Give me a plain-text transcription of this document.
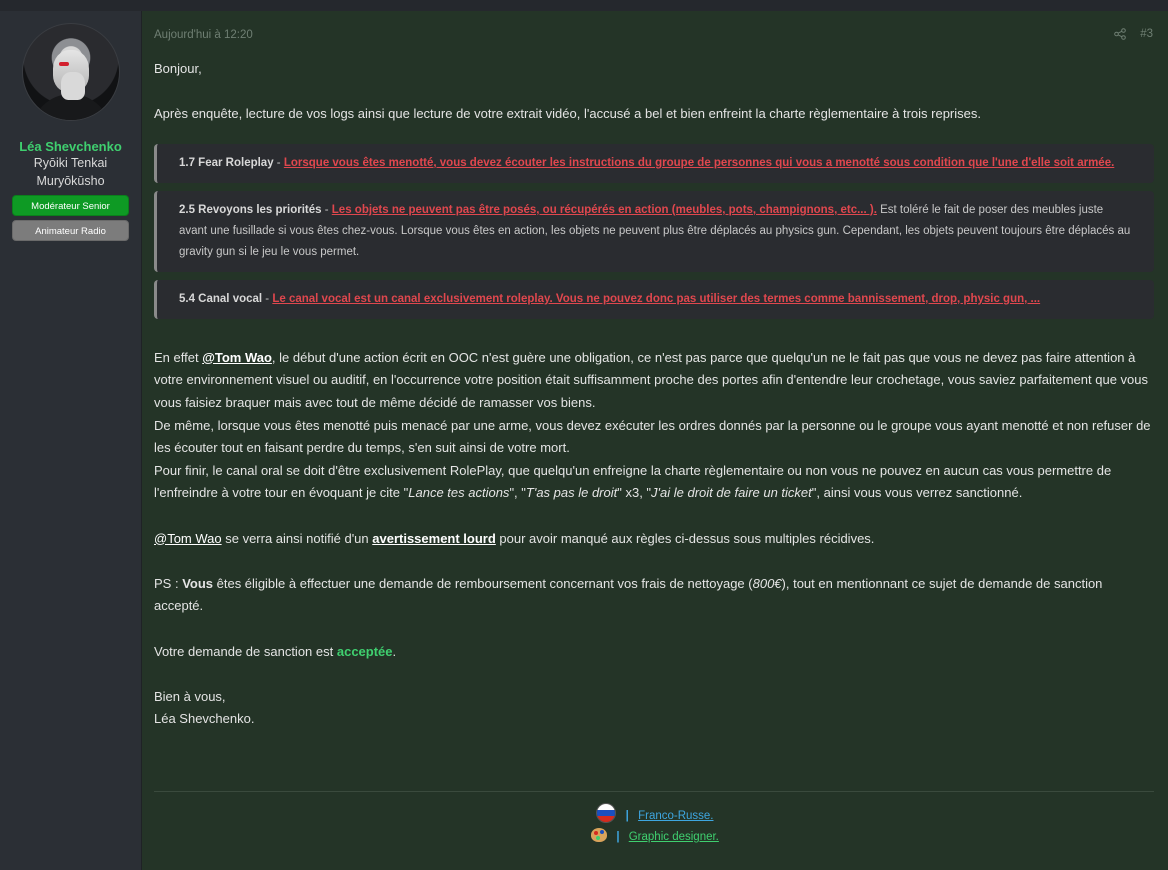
Léa Shevchenko
Ryōiki Tenkai
Muryōkūsho
Modérateur Senior
Animateur Radio
Aujourd'hui à 12:20	#3

Bonjour,

Après enquête, lecture de vos logs ainsi que lecture de votre extrait vidéo, l'accusé a bel et bien enfreint la charte règlementaire à trois reprises.

1.7 Fear Roleplay - Lorsque vous êtes menotté, vous devez écouter les instructions du groupe de personnes qui vous a menotté sous condition que l'une d'elle soit armée.
2.5 Revoyons les priorités - Les objets ne peuvent pas être posés, ou récupérés en action (meubles, pots, champignons, etc... ). Est toléré le fait de poser des meubles juste avant une fusillade si vous êtes chez-vous. Lorsque vous êtes en action, les objets ne peuvent plus être déplacés au physics gun. Cependant, les objets peuvent toujours être déplacés au gravity gun si le jeu le vous permet.
5.4 Canal vocal - Le canal vocal est un canal exclusivement roleplay. Vous ne pouvez donc pas utiliser des termes comme bannissement, drop, physic gun, ...

En effet @Tom Wao, le début d'une action écrit en OOC n'est guère une obligation, ce n'est pas parce que quelqu'un ne le fait pas que vous ne devez pas faire attention à votre environnement visuel ou auditif, en l'occurrence votre position était suffisamment proche des portes afin d'entendre leur crochetage, vous saviez parfaitement que vous vous faisiez braquer mais avec tout de même décidé de ramasser vos biens.

De même, lorsque vous êtes menotté puis menacé par une arme, vous devez exécuter les ordres donnés par la personne ou le groupe vous ayant menotté et non refuser de les écouter tout en faisant perdre du temps, s'en suit ainsi de votre mort.

Pour finir, le canal oral se doit d'être exclusivement RolePlay, que quelqu'un enfreigne la charte règlementaire ou non vous ne pouvez en aucun cas vous permettre de l'enfreindre à votre tour en évoquant je cite "Lance tes actions", "T'as pas le droit" x3, "J'ai le droit de faire un ticket", ainsi vous vous verrez sanctionné.

@Tom Wao se verra ainsi notifié d'un avertissement lourd pour avoir manqué aux règles ci-dessus sous multiples récidives.

PS : Vous êtes éligible à effectuer une demande de remboursement concernant vos frais de nettoyage (800€), tout en mentionnant ce sujet de demande de sanction accepté.

Votre demande de sanction est acceptée.

Bien à vous,

Léa Shevchenko.

| Franco-Russe.
| Graphic designer.
